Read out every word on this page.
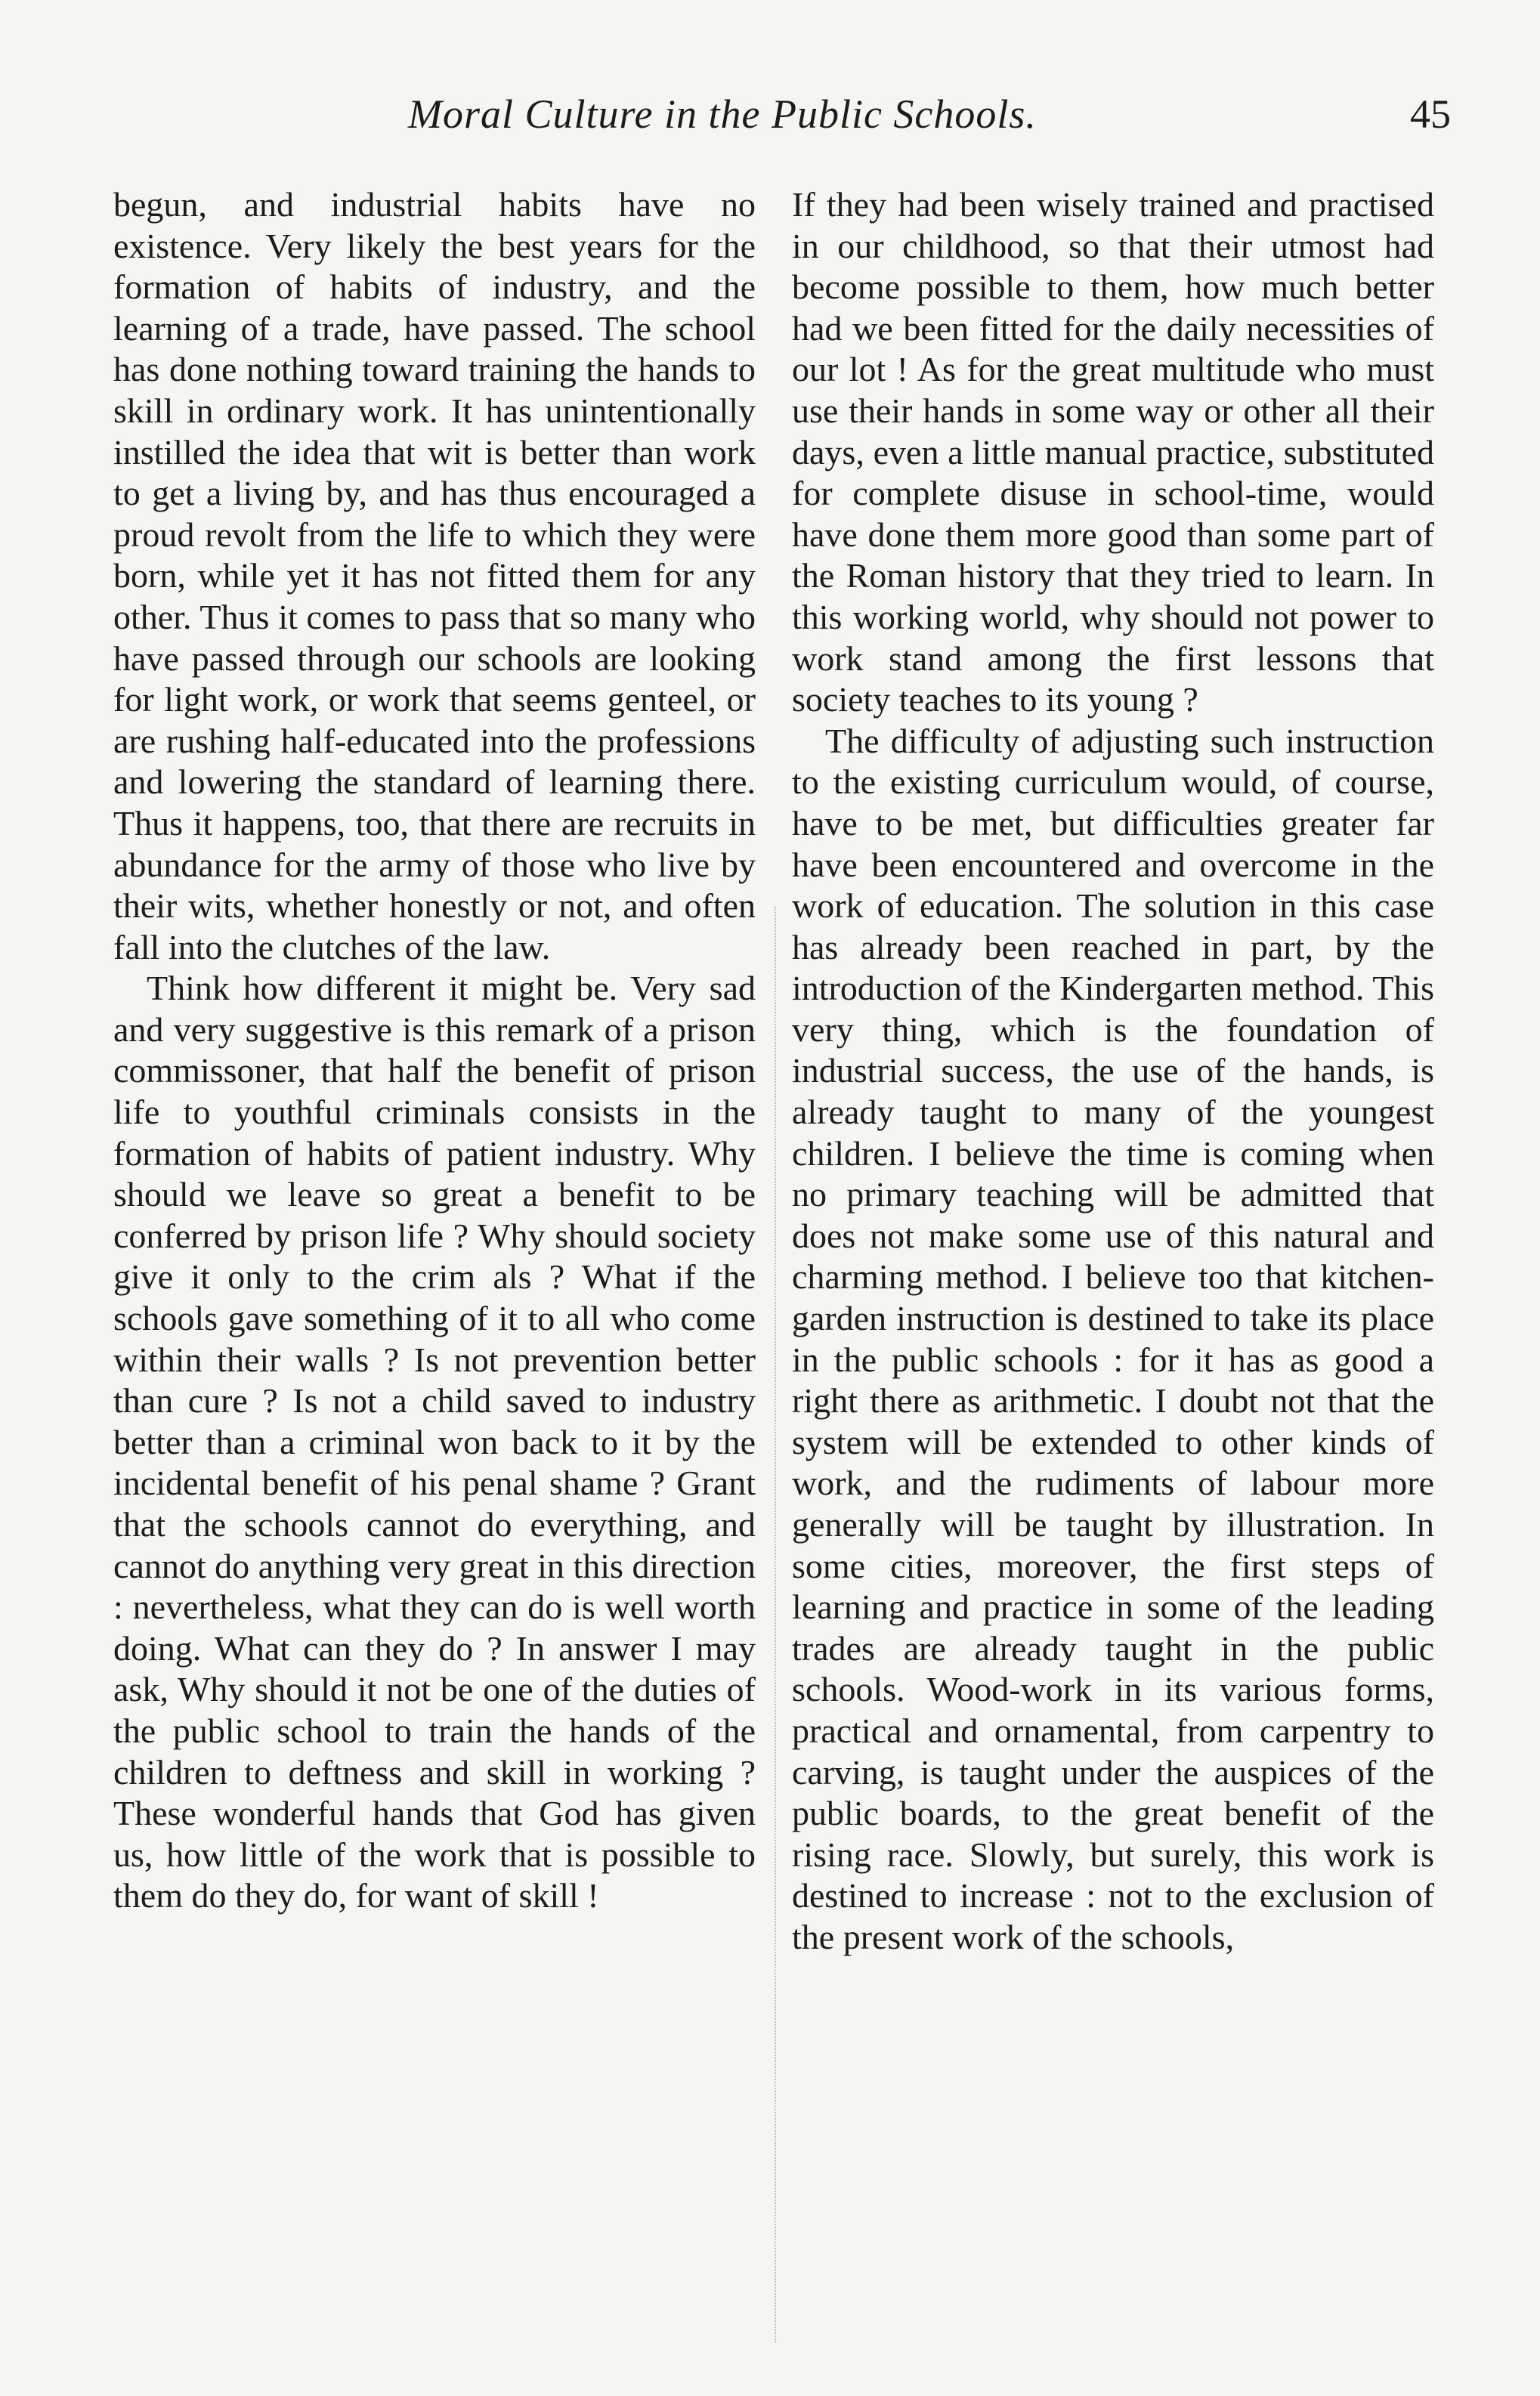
Moral Culture in the Public Schools.	45

begun, and industrial habits have no existence. Very likely the best years for the formation of habits of industry, and the learning of a trade, have passed. The school has done nothing toward training the hands to skill in ordinary work. It has unintentionally instilled the idea that wit is better than work to get a living by, and has thus encouraged a proud revolt from the life to which they were born, while yet it has not fitted them for any other. Thus it comes to pass that so many who have passed through our schools are looking for light work, or work that seems genteel, or are rushing half-educated into the professions and lowering the standard of learning there. Thus it happens, too, that there are recruits in abundance for the army of those who live by their wits, whether honestly or not, and often fall into the clutches of the law.

Think how different it might be. Very sad and very suggestive is this remark of a prison commissoner, that half the benefit of prison life to youthful criminals consists in the formation of habits of patient industry. Why should we leave so great a benefit to be conferred by prison life ? Why should society give it only to the crim als ? What if the schools gave something of it to all who come within their walls ? Is not prevention better than cure ? Is not a child saved to industry better than a criminal won back to it by the incidental benefit of his penal shame ? Grant that the schools cannot do everything, and cannot do anything very great in this direction : nevertheless, what they can do is well worth doing. What can they do ? In answer I may ask, Why should it not be one of the duties of the public school to train the hands of the children to deftness and skill in working ? These wonderful hands that God has given us, how little of the work that is possible to them do they do, for want of skill !

If they had been wisely trained and practised in our childhood, so that their utmost had become possible to them, how much better had we been fitted for the daily necessities of our lot ! As for the great multitude who must use their hands in some way or other all their days, even a little manual practice, substituted for complete disuse in school-time, would have done them more good than some part of the Roman history that they tried to learn. In this working world, why should not power to work stand among the first lessons that society teaches to its young ?

The difficulty of adjusting such instruction to the existing curriculum would, of course, have to be met, but difficulties greater far have been encountered and overcome in the work of education. The solution in this case has already been reached in part, by the introduction of the Kindergarten method. This very thing, which is the foundation of industrial success, the use of the hands, is already taught to many of the youngest children. I believe the time is coming when no primary teaching will be admitted that does not make some use of this natural and charming method. I believe too that kitchen-garden instruction is destined to take its place in the public schools : for it has as good a right there as arithmetic. I doubt not that the system will be extended to other kinds of work, and the rudiments of labour more generally will be taught by illustration. In some cities, moreover, the first steps of learning and practice in some of the leading trades are already taught in the public schools. Wood-work in its various forms, practical and ornamental, from carpentry to carving, is taught under the auspices of the public boards, to the great benefit of the rising race. Slowly, but surely, this work is destined to increase : not to the exclusion of the present work of the schools,
